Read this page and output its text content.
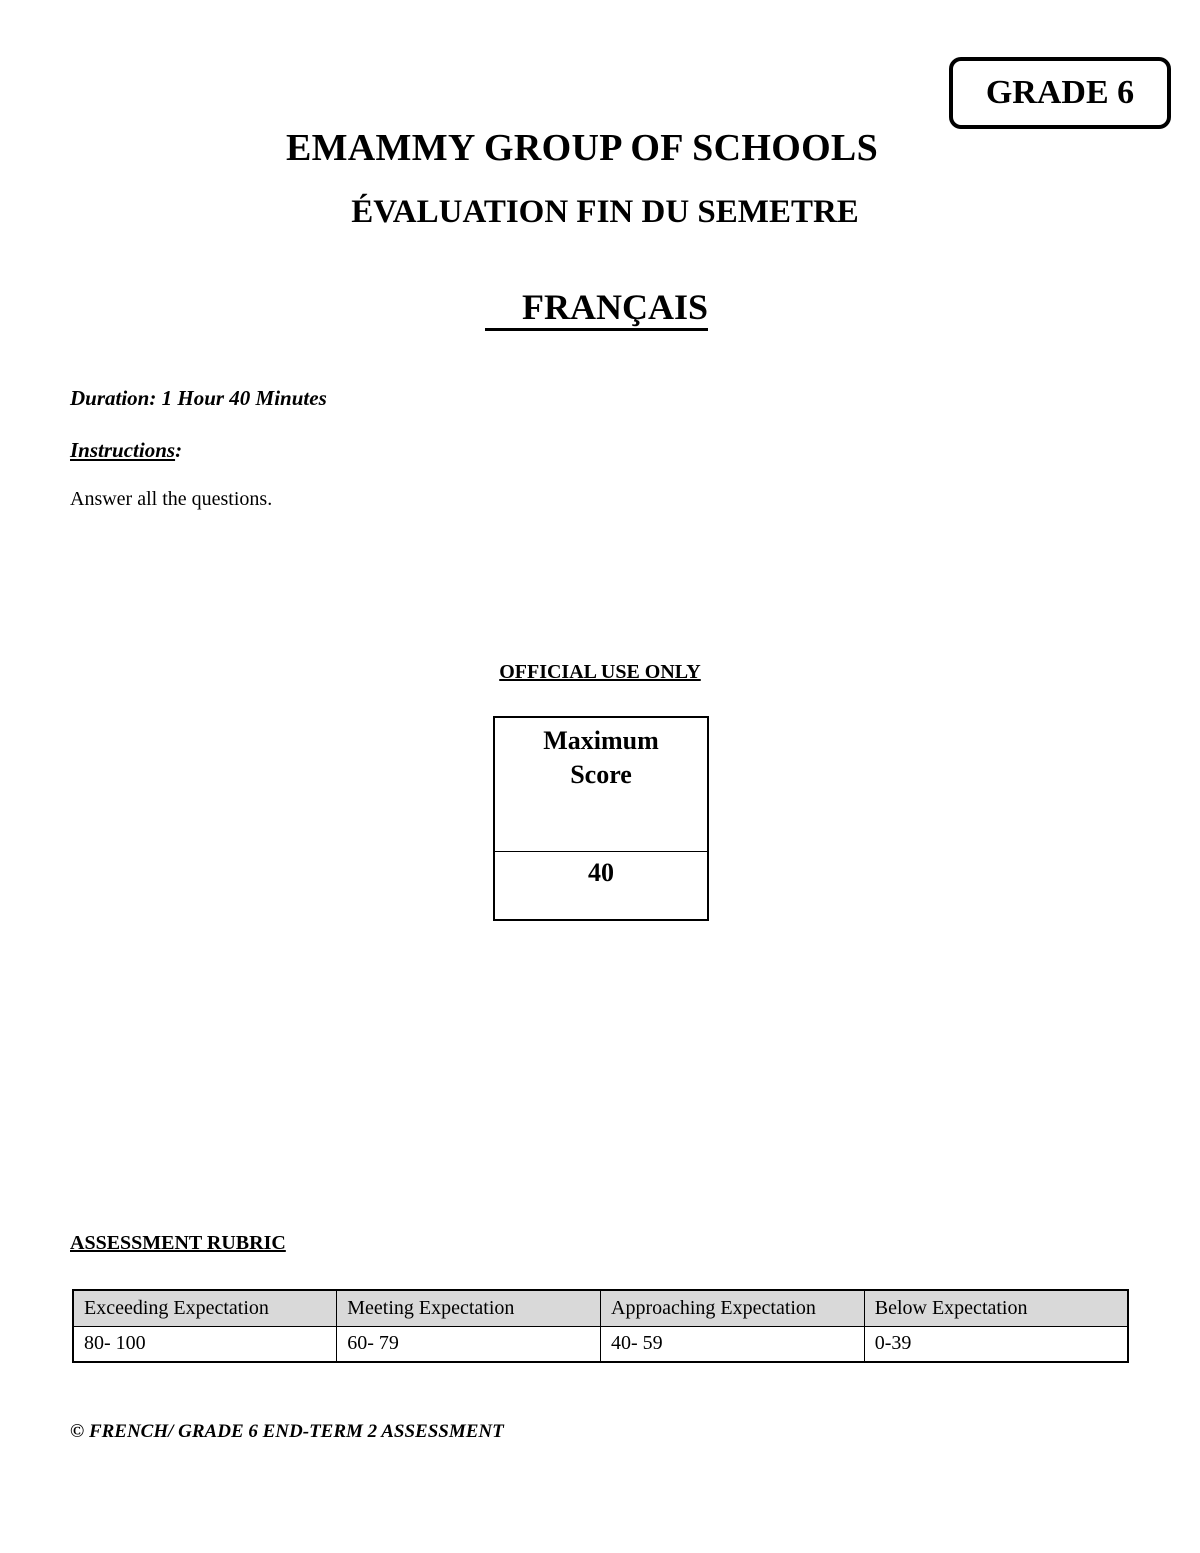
GRADE 6
EMAMMY GROUP OF SCHOOLS
ÉVALUATION FIN DU SEMETRE
FRANÇAIS
Duration: 1 Hour 40 Minutes
Instructions:
Answer all the questions.
OFFICIAL USE ONLY
Maximum
Score
40
ASSESSMENT RUBRIC
Exceeding Expectation	Meeting Expectation	Approaching Expectation	Below Expectation
80- 100	60- 79	40- 59	0-39
© FRENCH/ GRADE 6 END-TERM 2 ASSESSMENT
